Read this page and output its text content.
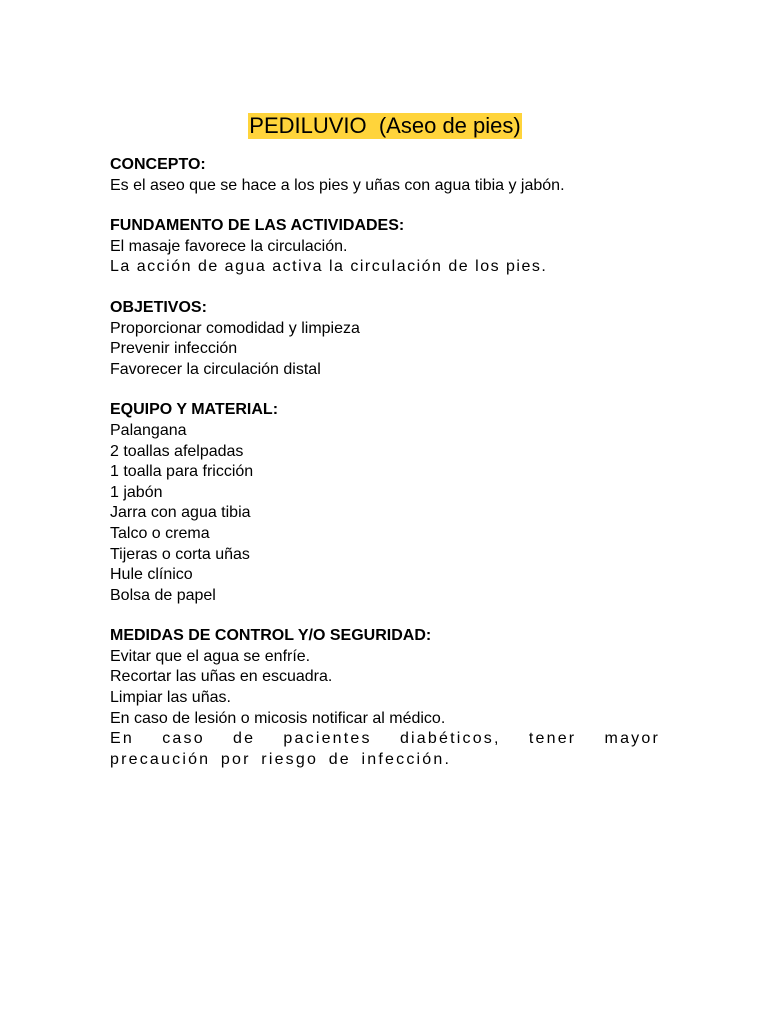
PEDILUVIO  (Aseo de pies)
CONCEPTO:
Es el aseo que se hace a los pies y uñas con agua tibia y jabón.
FUNDAMENTO DE LAS ACTIVIDADES:
El masaje favorece la circulación.
La acción de agua activa la circulación de los pies.
OBJETIVOS:
Proporcionar comodidad y limpieza
Prevenir infección
Favorecer la circulación distal
EQUIPO Y MATERIAL:
Palangana
2 toallas afelpadas
1 toalla para fricción
1 jabón
Jarra con agua tibia
Talco o crema
Tijeras o corta uñas
Hule clínico
Bolsa de papel
MEDIDAS DE CONTROL Y/O SEGURIDAD:
Evitar que el agua se enfríe.
Recortar las uñas en escuadra.
Limpiar las uñas.
En caso de lesión o micosis notificar al médico.
En caso de pacientes diabéticos, tener mayor precaución por riesgo de infección.
